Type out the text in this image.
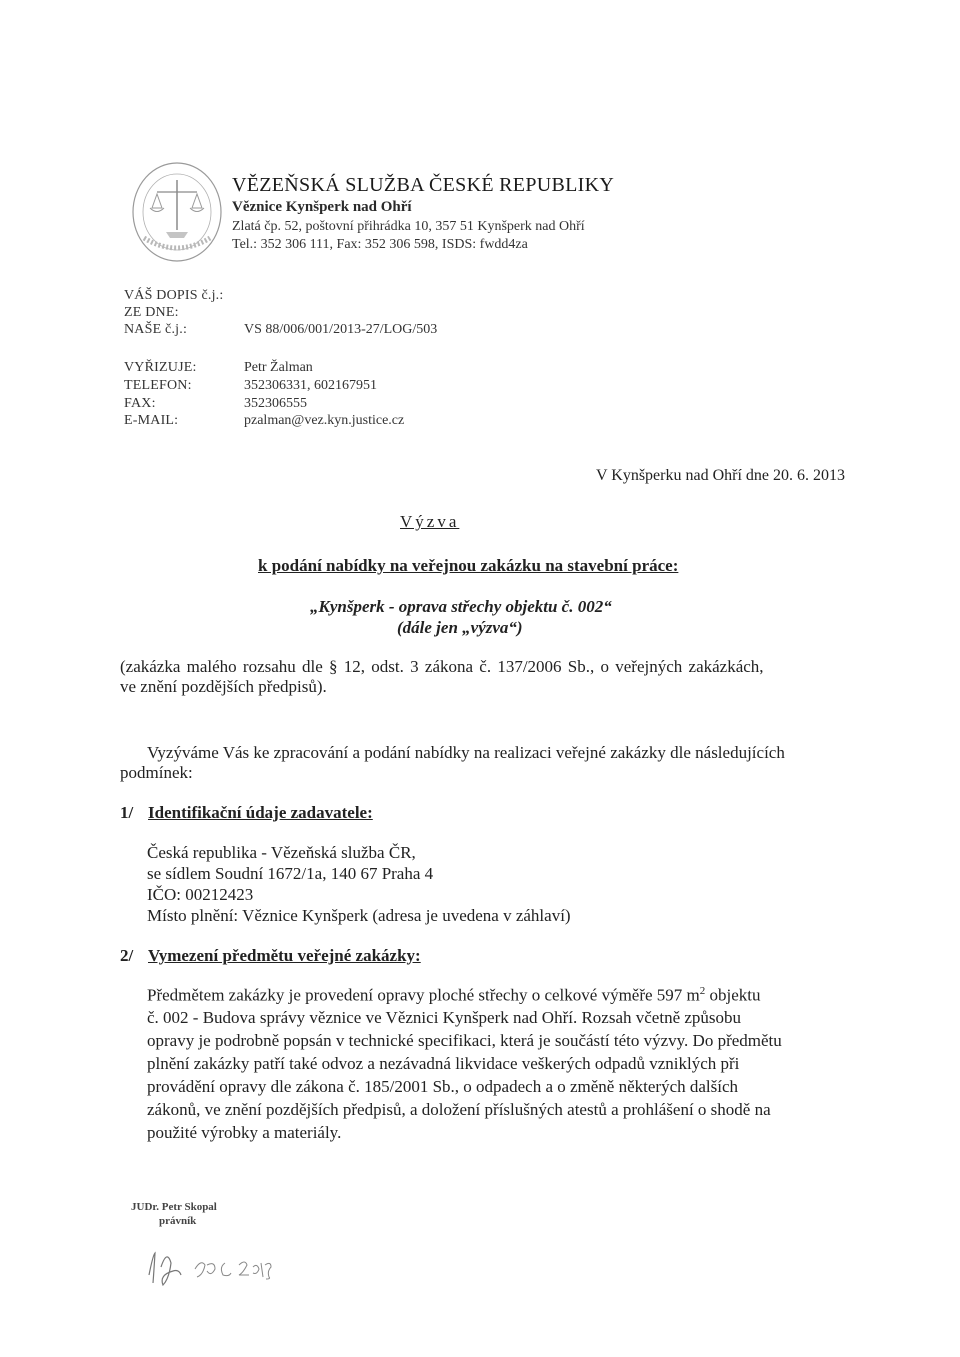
VĚZEŇSKÁ SLUŽBA ČESKÉ REPUBLIKY
Věznice Kynšperk nad Ohří
Zlatá čp. 52, poštovní přihrádka 10, 357 51 Kynšperk nad Ohří
Tel.: 352 306 111, Fax: 352 306 598, ISDS: fwdd4za
VÁŠ DOPIS č.j.:
ZE DNE:
NAŠE č.j.:	VS 88/006/001/2013-27/LOG/503
VYŘIZUJE:	Petr Žalman
TELEFON:	352306331, 602167951
FAX:	352306555
E-MAIL:	pzalman@vez.kyn.justice.cz
V Kynšperku nad Ohří dne 20. 6. 2013
Výzva
k podání nabídky na veřejnou zakázku na stavební práce:
„Kynšperk - oprava střechy objektu č. 002“
(dále jen „výzva“)
(zakázka malého rozsahu dle § 12, odst. 3 zákona č. 137/2006 Sb., o veřejných zakázkách,
ve znění pozdějších předpisů).
Vyzýváme Vás ke zpracování a podání nabídky na realizaci veřejné zakázky dle následujících
podmínek:
1/ Identifikační údaje zadavatele:
Česká republika - Vězeňská služba ČR,
se sídlem Soudní 1672/1a, 140 67 Praha 4
IČO: 00212423
Místo plnění: Věznice Kynšperk (adresa je uvedena v záhlaví)
2/ Vymezení předmětu veřejné zakázky:
Předmětem zakázky je provedení opravy ploché střechy o celkové výměře 597 $m^2$ objektu
č. 002 - Budova správy věznice ve Věznici Kynšperk nad Ohří. Rozsah včetně způsobu
opravy je podrobně popsán v technické specifikaci, která je součástí této výzvy. Do předmětu
plnění zakázky patří také odvoz a nezávadná likvidace veškerých odpadů vzniklých při
provádění opravy dle zákona č. 185/2001 Sb., o odpadech a o změně některých dalších
zákonů, ve znění pozdějších předpisů, a doložení příslušných atestů a prohlášení o shodě na
použité výrobky a materiály.
JUDr. Petr Skopal
právník
